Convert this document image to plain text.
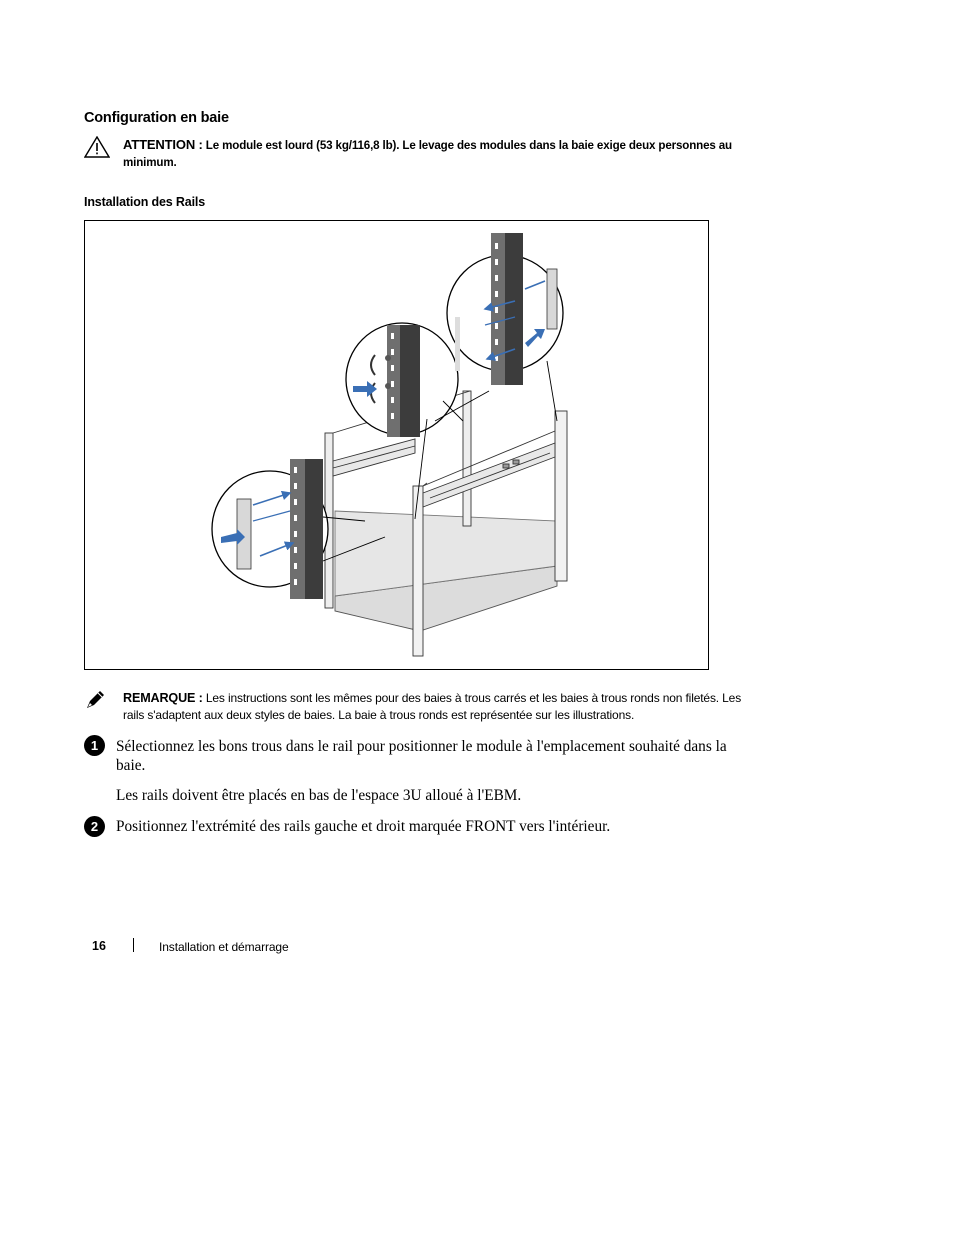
Configuration en baie
ATTENTION : Le module est lourd (53 kg/116,8 lb). Le levage des modules dans la baie exige deux personnes au minimum.
Installation des Rails
REMARQUE : Les instructions sont les mêmes pour des baies à trous carrés et les baies à trous ronds non filetés. Les rails s'adaptent aux deux styles de baies. La baie à trous ronds est représentée sur les illustrations.
1	Sélectionnez les bons trous dans le rail pour positionner le module à l'emplacement souhaité dans la baie.
Les rails doivent être placés en bas de l'espace 3U alloué à l'EBM.
2	Positionnez l'extrémité des rails gauche et droit marquée FRONT vers l'intérieur.
16	Installation et démarrage
